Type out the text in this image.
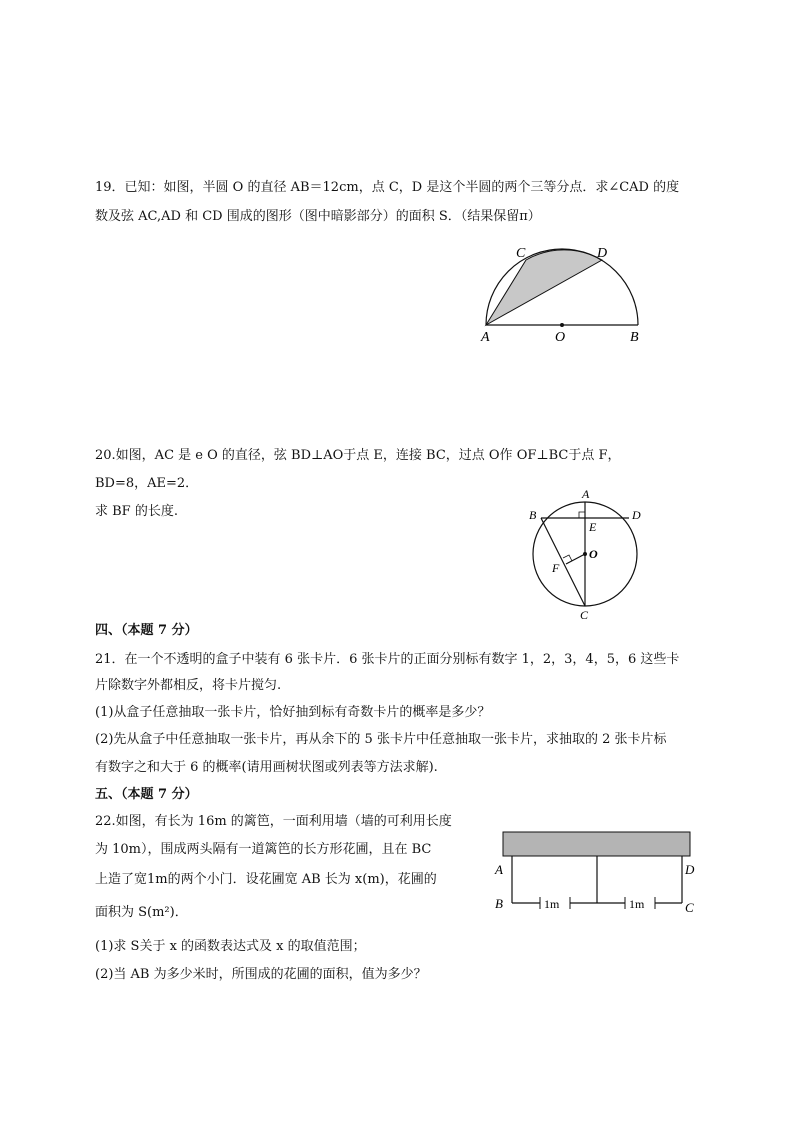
19．已知：如图，半圆 O 的直径 AB＝12cm，点 C，D 是这个半圆的两个三等分点．求∠CAD 的度
数及弦 AC,AD 和 CD 围成的图形（图中暗影部分）的面积 S．（结果保留π）
C	D
A	O	B
20.如图，AC 是 e O 的直径，弦 BD⊥AO于点 E，连接 BC，过点 O作 OF⊥BC于点 F，
BD=8，AE=2．
求 BF 的长度.
A
B	D
E
O
F
C
四、（本题 7 分）
21．在一个不透明的盒子中装有 6 张卡片．6 张卡片的正面分别标有数字 1，2，3，4，5，6 这些卡
片除数字外都相反，将卡片搅匀.
(1)从盒子任意抽取一张卡片，恰好抽到标有奇数卡片的概率是多少？
(2)先从盒子中任意抽取一张卡片，再从余下的 5 张卡片中任意抽取一张卡片，求抽取的 2 张卡片标
有数字之和大于 6 的概率(请用画树状图或列表等方法求解).
五、（本题 7 分）
22.如图，有长为 16m 的篱笆，一面利用墙（墙的可利用长度
为 10m），围成两头隔有一道篱笆的长方形花圃，且在 BC
上造了宽1m的两个小门．设花圃宽 AB 长为 x(m)，花圃的
面积为 S(m²)．
(1)求 S关于 x 的函数表达式及 x 的取值范围；
(2)当 AB 为多少米时，所围成的花圃的面积，值为多少？
1m	1m
A	D
B	C
